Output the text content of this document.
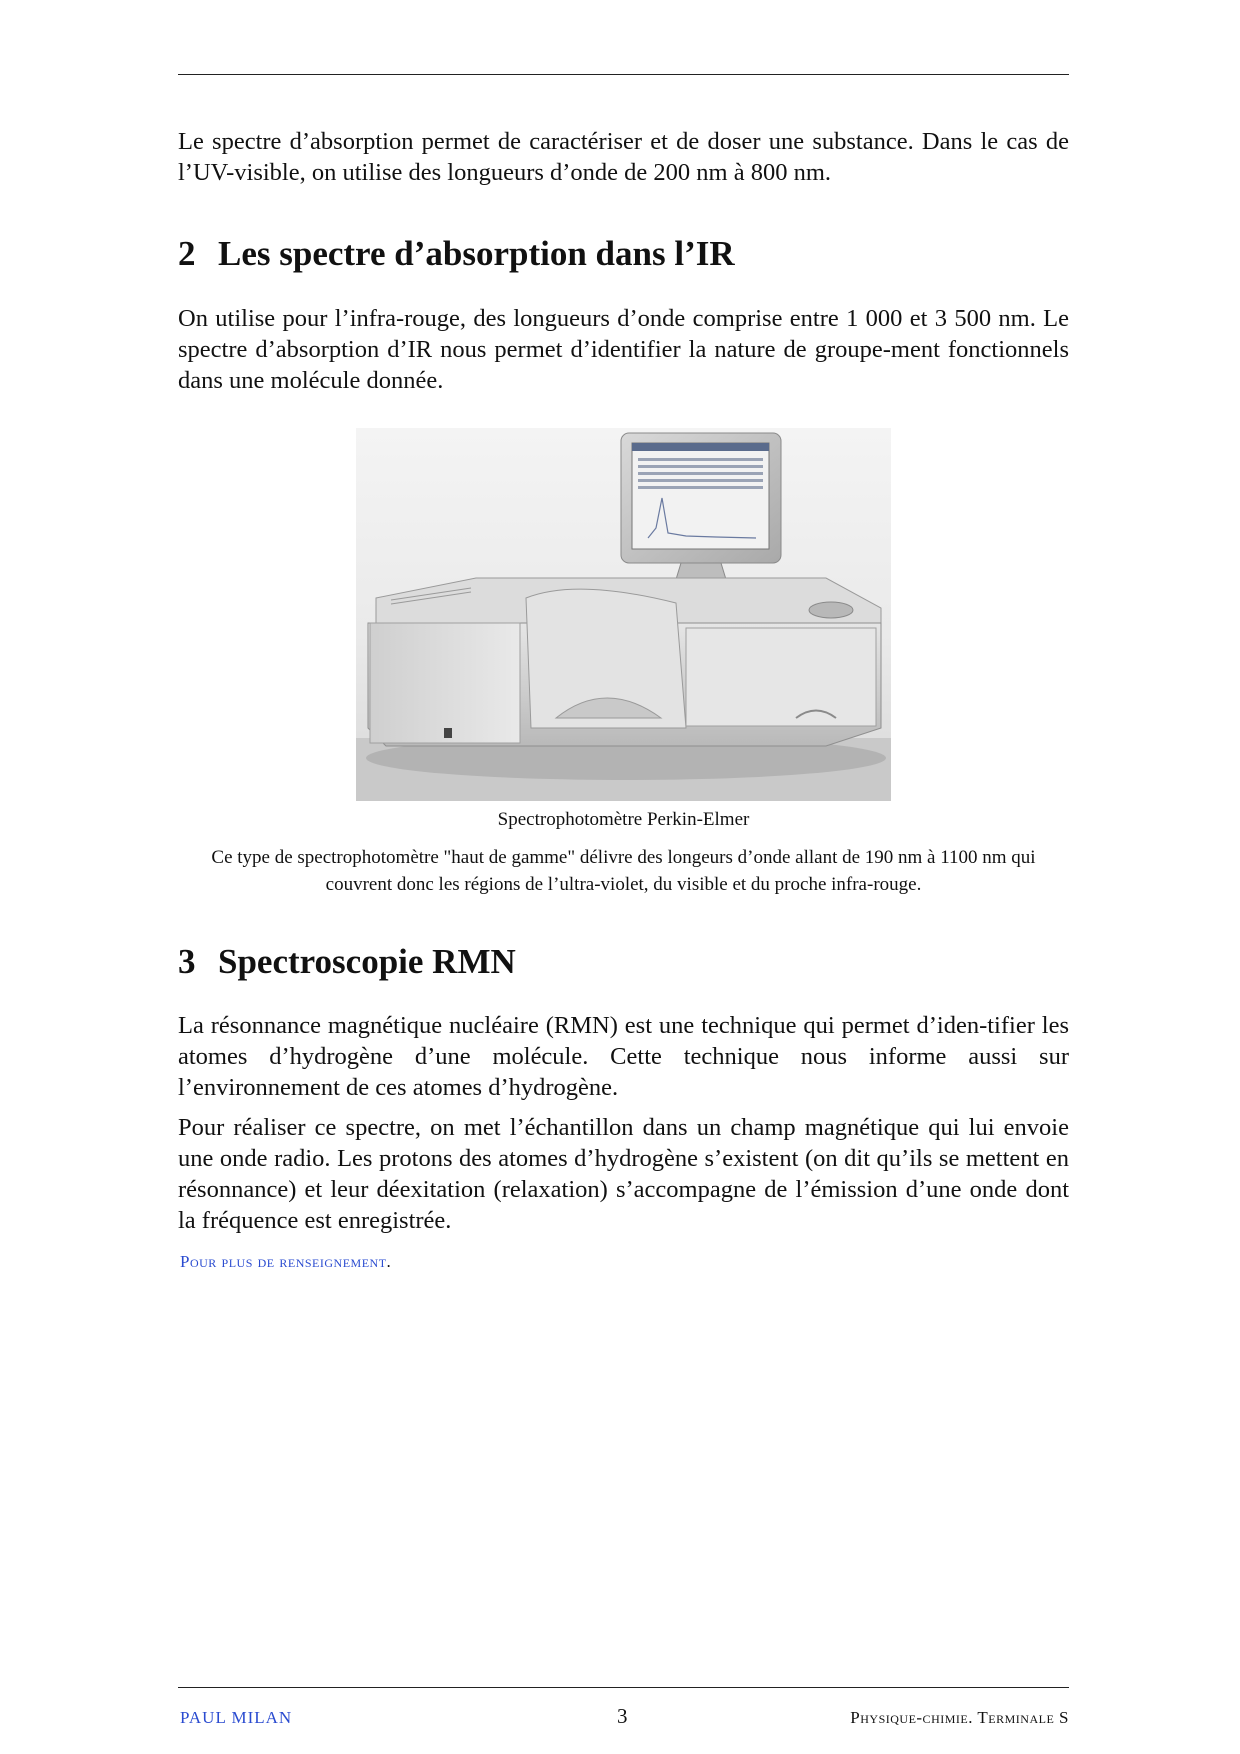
Le spectre d’absorption permet de caractériser et de doser une substance. Dans le cas de l’UV-visible, on utilise des longueurs d’onde de 200 nm à 800 nm.

2 Les spectre d’absorption dans l’IR

On utilise pour l’infra-rouge, des longueurs d’onde comprise entre 1 000 et 3 500 nm. Le spectre d’absorption d’IR nous permet d’identifier la nature de groupe-ment fonctionnels dans une molécule donnée.

Spectrophotomètre Perkin-Elmer
Ce type de spectrophotomètre "haut de gamme" délivre des longeurs d’onde allant de 190 nm à 1100 nm qui couvrent donc les régions de l’ultra-violet, du visible et du proche infra-rouge.
3 Spectroscopie RMN

La résonnance magnétique nucléaire (RMN) est une technique qui permet d’iden-tifier les atomes d’hydrogène d’une molécule. Cette technique nous informe aussi sur l’environnement de ces atomes d’hydrogène.

Pour réaliser ce spectre, on met l’échantillon dans un champ magnétique qui lui envoie une onde radio. Les protons des atomes d’hydrogène s’existent (on dit qu’ils se mettent en résonnance) et leur déexitation (relaxation) s’accompagne de l’émission d’une onde dont la fréquence est enregistrée.

Pour plus de renseignement.
PAUL MILAN	3	Physique-chimie. Terminale S
